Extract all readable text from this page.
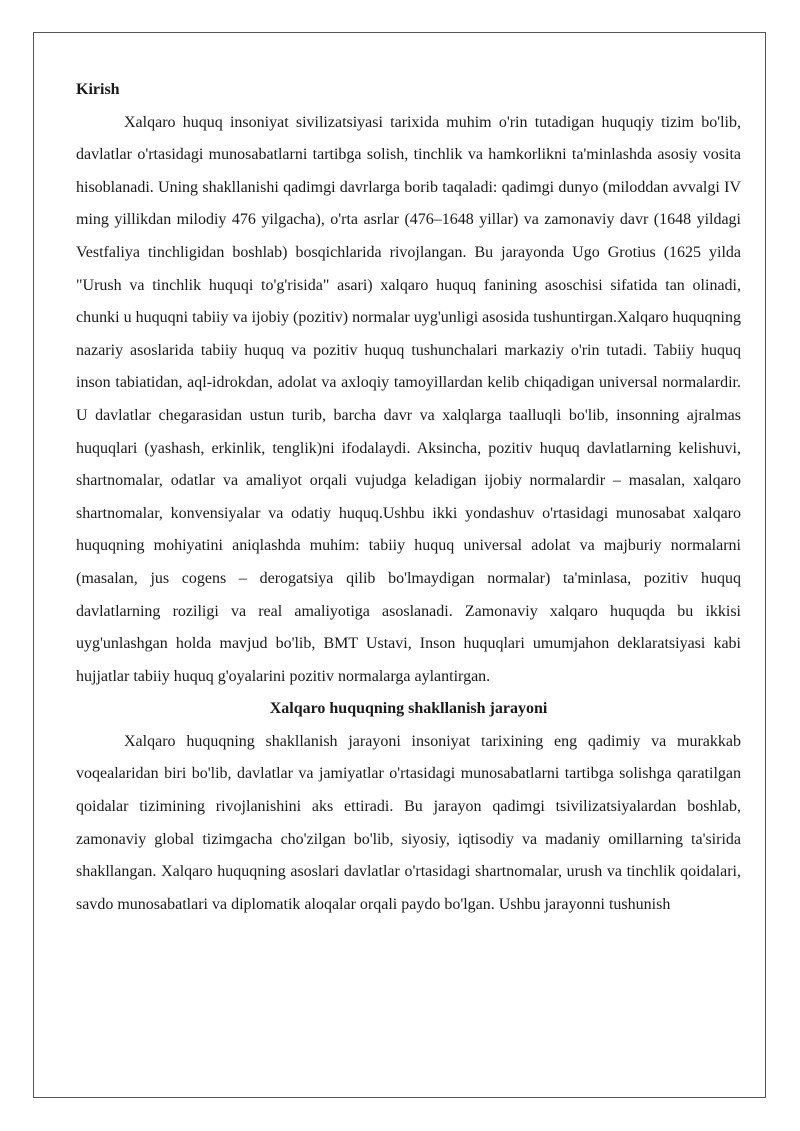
Kirish

Xalqaro huquq insoniyat sivilizatsiyasi tarixida muhim o'rin tutadigan huquqiy tizim bo'lib, davlatlar o'rtasidagi munosabatlarni tartibga solish, tinchlik va hamkorlikni ta'minlashda asosiy vosita hisoblanadi. Uning shakllanishi qadimgi davrlarga borib taqaladi: qadimgi dunyo (miloddan avvalgi IV ming yillikdan milodiy 476 yilgacha), o'rta asrlar (476–1648 yillar) va zamonaviy davr (1648 yildagi Vestfaliya tinchligidan boshlab) bosqichlarida rivojlangan. Bu jarayonda Ugo Grotius (1625 yilda "Urush va tinchlik huquqi to'g'risida" asari) xalqaro huquq fanining asoschisi sifatida tan olinadi, chunki u huquqni tabiiy va ijobiy (pozitiv) normalar uyg'unligi asosida tushuntirgan.Xalqaro huquqning nazariy asoslarida tabiiy huquq va pozitiv huquq tushunchalari markaziy o'rin tutadi. Tabiiy huquq inson tabiatidan, aql-idrokdan, adolat va axloqiy tamoyillardan kelib chiqadigan universal normalardir. U davlatlar chegarasidan ustun turib, barcha davr va xalqlarga taalluqli bo'lib, insonning ajralmas huquqlari (yashash, erkinlik, tenglik)ni ifodalaydi. Aksincha, pozitiv huquq davlatlarning kelishuvi, shartnomalar, odatlar va amaliyot orqali vujudga keladigan ijobiy normalardir – masalan, xalqaro shartnomalar, konvensiyalar va odatiy huquq.Ushbu ikki yondashuv o'rtasidagi munosabat xalqaro huquqning mohiyatini aniqlashda muhim: tabiiy huquq universal adolat va majburiy normalarni (masalan, jus cogens – derogatsiya qilib bo'lmaydigan normalar) ta'minlasa, pozitiv huquq davlatlarning roziligi va real amaliyotiga asoslanadi. Zamonaviy xalqaro huquqda bu ikkisi uyg'unlashgan holda mavjud bo'lib, BMT Ustavi, Inson huquqlari umumjahon deklaratsiyasi kabi hujjatlar tabiiy huquq g'oyalarini pozitiv normalarga aylantirgan.

Xalqaro huquqning shakllanish jarayoni

Xalqaro huquqning shakllanish jarayoni insoniyat tarixining eng qadimiy va murakkab voqealaridan biri bo'lib, davlatlar va jamiyatlar o'rtasidagi munosabatlarni tartibga solishga qaratilgan qoidalar tizimining rivojlanishini aks ettiradi. Bu jarayon qadimgi tsivilizatsiyalardan boshlab, zamonaviy global tizimgacha cho'zilgan bo'lib, siyosiy, iqtisodiy va madaniy omillarning ta'sirida shakllangan. Xalqaro huquqning asoslari davlatlar o'rtasidagi shartnomalar, urush va tinchlik qoidalari, savdo munosabatlari va diplomatik aloqalar orqali paydo bo'lgan. Ushbu jarayonni tushunish
